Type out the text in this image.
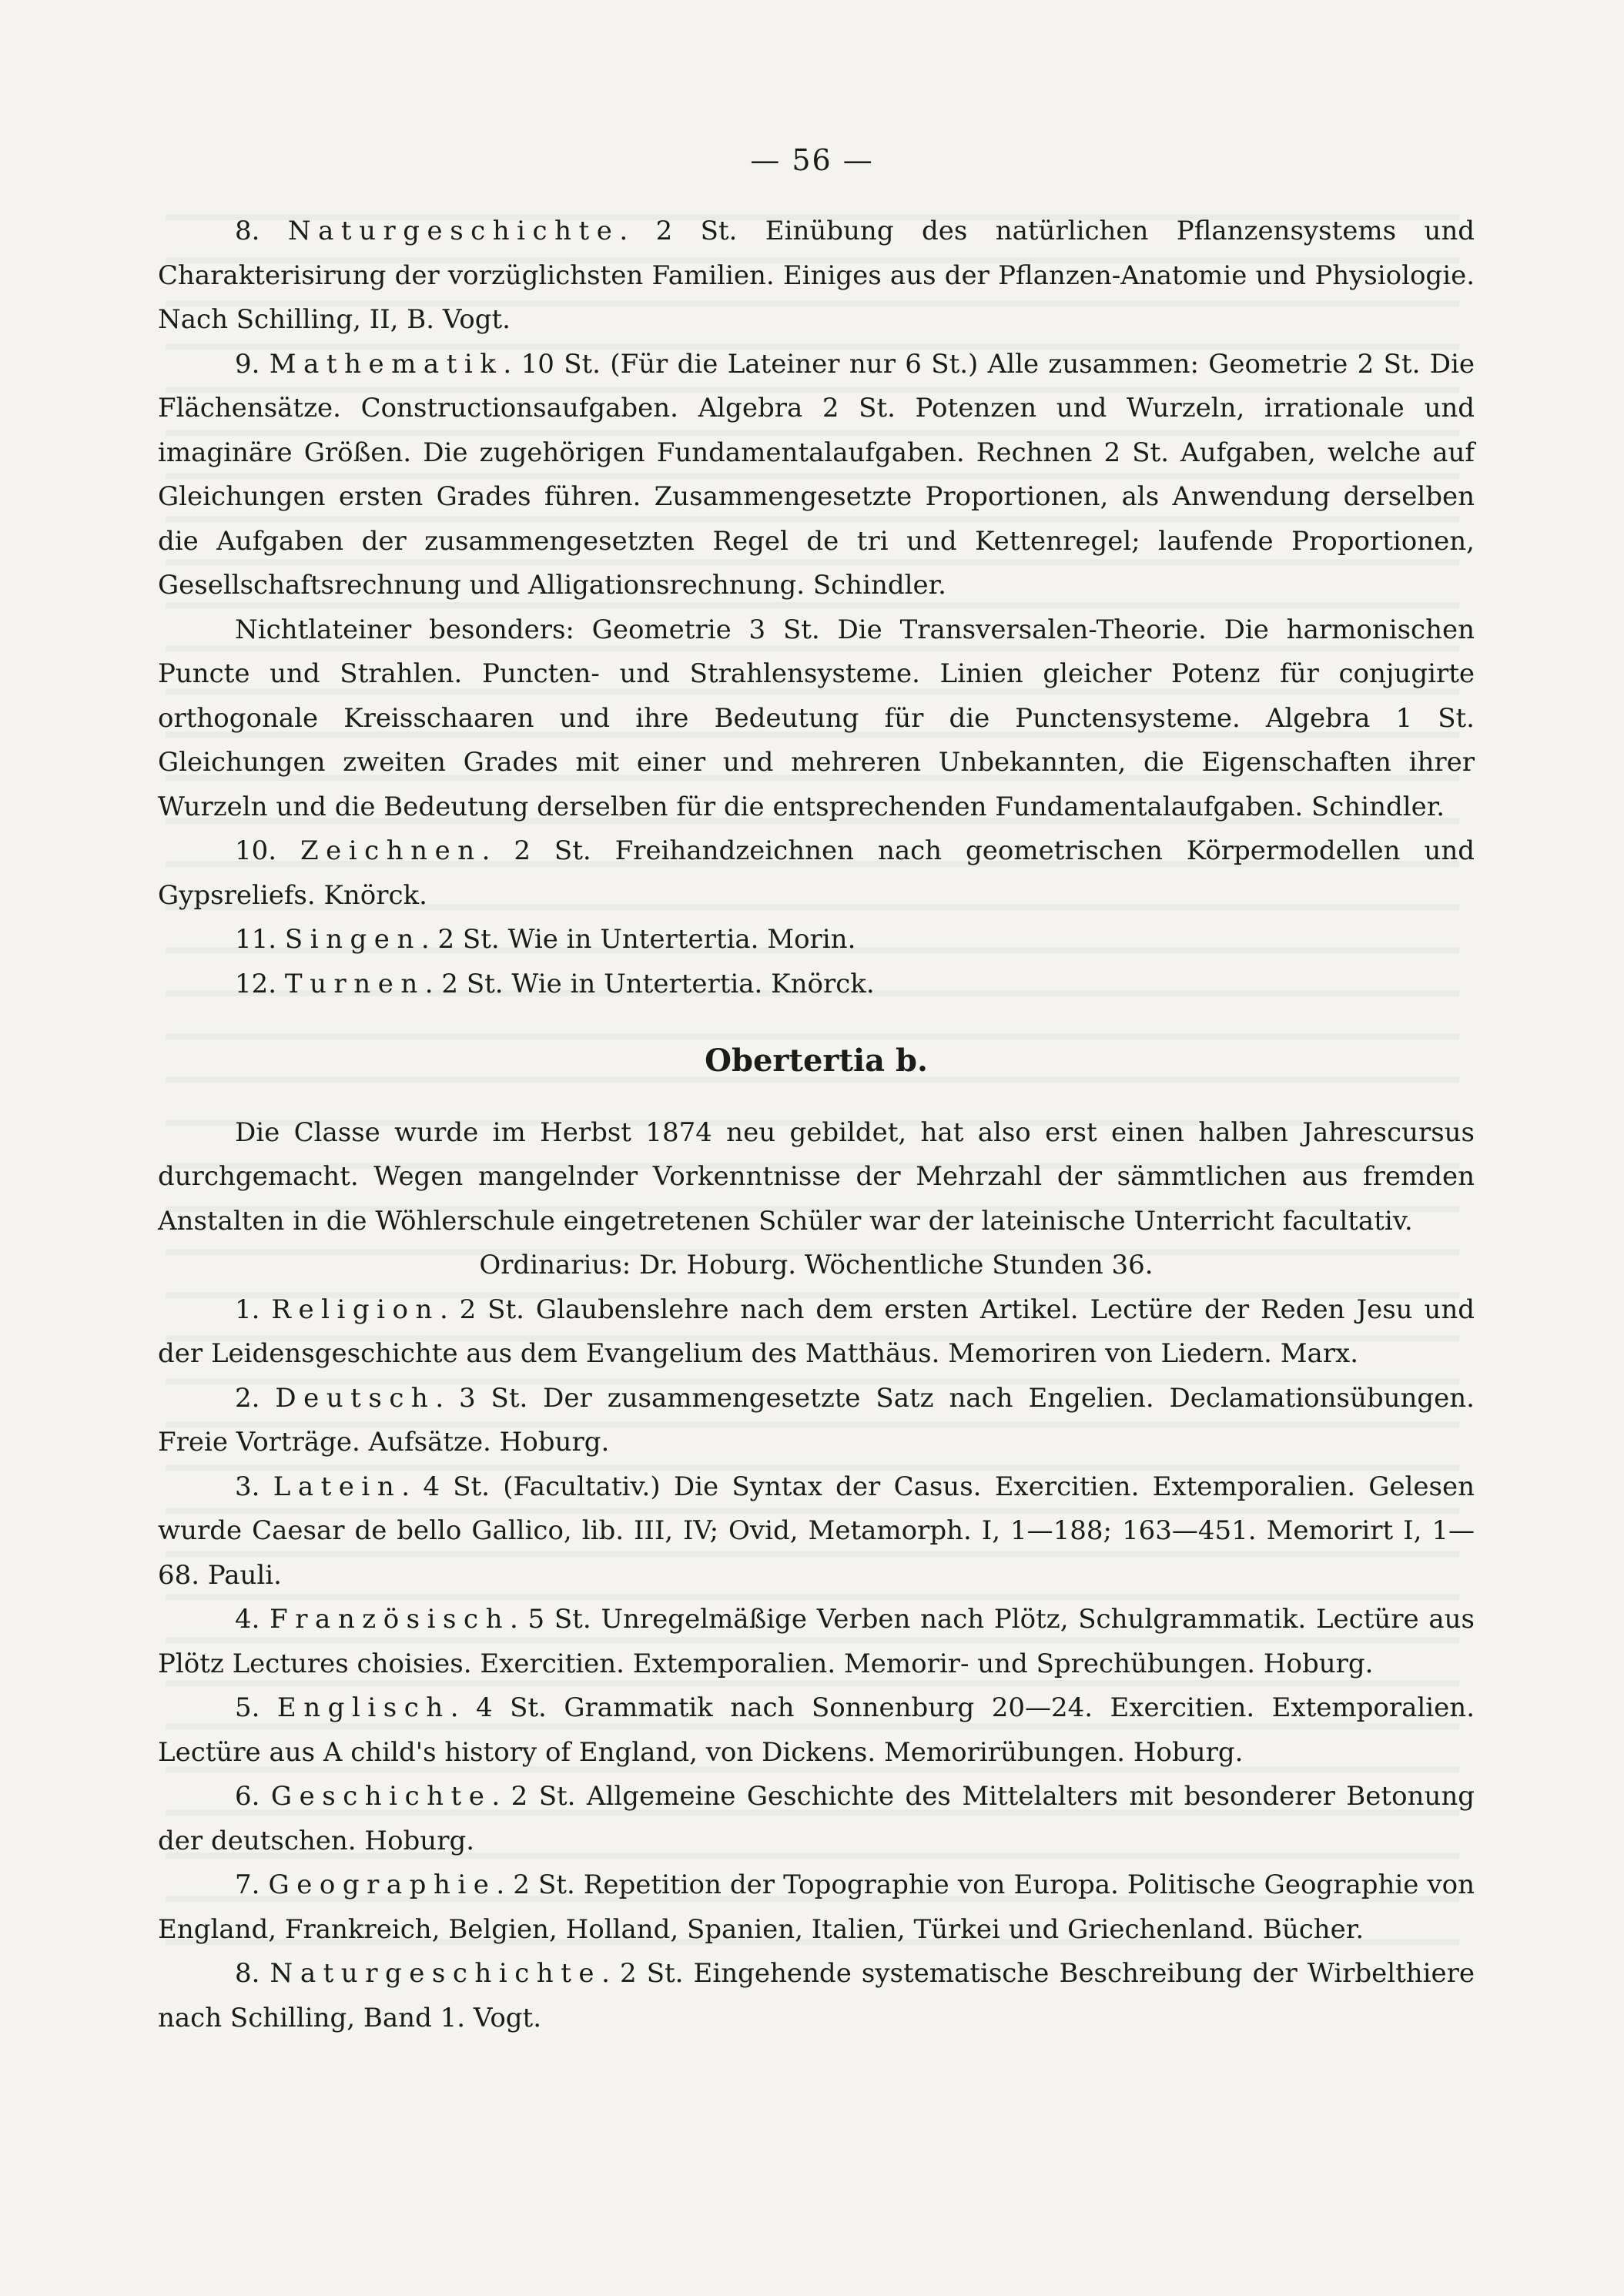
— 56 —

8. Naturgeschichte. 2 St. Einübung des natürlichen Pflanzensystems und Charakterisirung der vorzüglichsten Familien. Einiges aus der Pflanzen-Anatomie und Physiologie. Nach Schilling, II, B. Vogt.

9. Mathematik. 10 St. (Für die Lateiner nur 6 St.) Alle zusammen: Geometrie 2 St. Die Flächensätze. Constructionsaufgaben. Algebra 2 St. Potenzen und Wurzeln, irrationale und imaginäre Größen. Die zugehörigen Fundamentalaufgaben. Rechnen 2 St. Aufgaben, welche auf Gleichungen ersten Grades führen. Zusammengesetzte Proportionen, als Anwendung derselben die Aufgaben der zusammengesetzten Regel de tri und Kettenregel; laufende Proportionen, Gesellschaftsrechnung und Alligationsrechnung. Schindler.

Nichtlateiner besonders: Geometrie 3 St. Die Transversalen-Theorie. Die harmonischen Puncte und Strahlen. Puncten- und Strahlensysteme. Linien gleicher Potenz für conjugirte orthogonale Kreisschaaren und ihre Bedeutung für die Punctensysteme. Algebra 1 St. Gleichungen zweiten Grades mit einer und mehreren Unbekannten, die Eigenschaften ihrer Wurzeln und die Bedeutung derselben für die entsprechenden Fundamentalaufgaben. Schindler.

10. Zeichnen. 2 St. Freihandzeichnen nach geometrischen Körpermodellen und Gypsreliefs. Knörck.

11. Singen. 2 St. Wie in Untertertia. Morin.

12. Turnen. 2 St. Wie in Untertertia. Knörck.

Obertertia b.

Die Classe wurde im Herbst 1874 neu gebildet, hat also erst einen halben Jahrescursus durchgemacht. Wegen mangelnder Vorkenntnisse der Mehrzahl der sämmtlichen aus fremden Anstalten in die Wöhlerschule eingetretenen Schüler war der lateinische Unterricht facultativ.

Ordinarius: Dr. Hoburg. Wöchentliche Stunden 36.

1. Religion. 2 St. Glaubenslehre nach dem ersten Artikel. Lectüre der Reden Jesu und der Leidensgeschichte aus dem Evangelium des Matthäus. Memoriren von Liedern. Marx.

2. Deutsch. 3 St. Der zusammengesetzte Satz nach Engelien. Declamationsübungen. Freie Vorträge. Aufsätze. Hoburg.

3. Latein. 4 St. (Facultativ.) Die Syntax der Casus. Exercitien. Extemporalien. Gelesen wurde Caesar de bello Gallico, lib. III, IV; Ovid, Metamorph. I, 1—188; 163—451. Memorirt I, 1—68. Pauli.

4. Französisch. 5 St. Unregelmäßige Verben nach Plötz, Schulgrammatik. Lectüre aus Plötz Lectures choisies. Exercitien. Extemporalien. Memorir- und Sprechübungen. Hoburg.

5. Englisch. 4 St. Grammatik nach Sonnenburg 20—24. Exercitien. Extemporalien. Lectüre aus A child's history of England, von Dickens. Memorirübungen. Hoburg.

6. Geschichte. 2 St. Allgemeine Geschichte des Mittelalters mit besonderer Betonung der deutschen. Hoburg.

7. Geographie. 2 St. Repetition der Topographie von Europa. Politische Geographie von England, Frankreich, Belgien, Holland, Spanien, Italien, Türkei und Griechenland. Bücher.

8. Naturgeschichte. 2 St. Eingehende systematische Beschreibung der Wirbelthiere nach Schilling, Band 1. Vogt.
